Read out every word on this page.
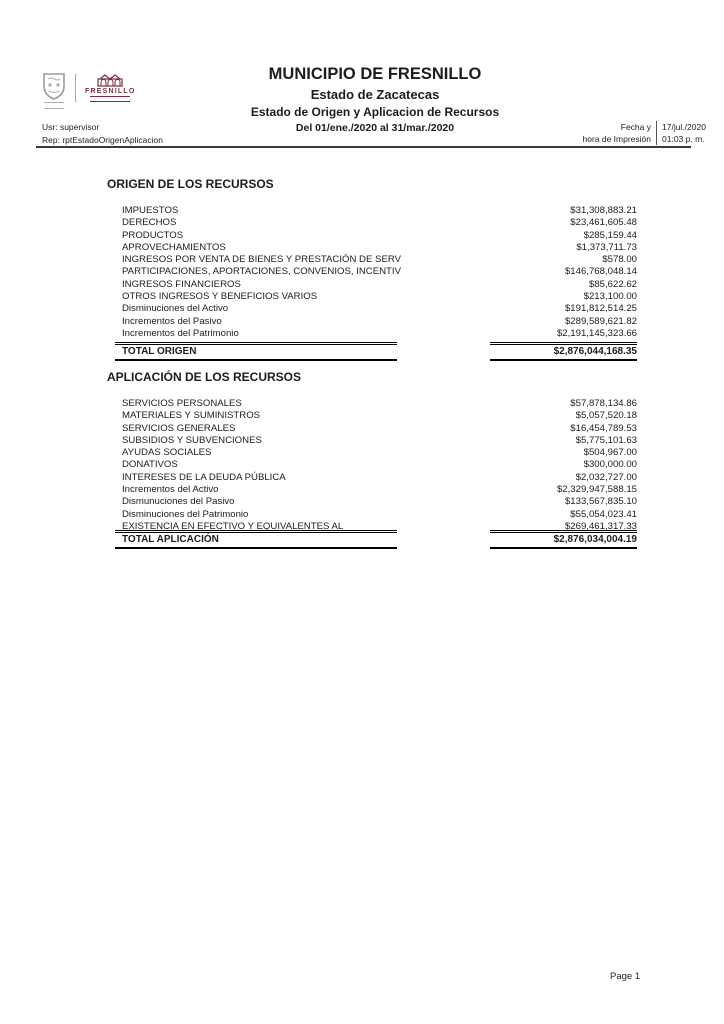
FRESNILLO
MUNICIPIO DE FRESNILLO
Estado de Zacatecas
Estado de Origen y Aplicacion de Recursos
Del 01/ene./2020 al 31/mar./2020
Usr: supervisor
Rep: rptEstadoOrigenAplicacion
Fecha y
hora de Impresión
17/jul./2020
01:03 p. m.
ORIGEN DE LOS RECURSOS
IMPUESTOS	$31,308,883.21
DERECHOS	$23,461,605.48
PRODUCTOS	$285,159.44
APROVECHAMIENTOS	$1,373,711.73
INGRESOS POR VENTA DE BIENES Y PRESTACIÓN DE SERV	$578.00
PARTICIPACIONES, APORTACIONES, CONVENIOS, INCENTIV	$146,768,048.14
INGRESOS FINANCIEROS	$85,622.62
OTROS INGRESOS Y BENEFICIOS VARIOS	$213,100.00
Disminuciones del Activo	$191,812,514.25
Incrementos del Pasivo	$289,589,621.82
Incrementos del Patrimonio	$2,191,145,323.66
TOTAL ORIGEN	$2,876,044,168.35
APLICACIÓN DE LOS RECURSOS
SERVICIOS PERSONALES	$57,878,134.86
MATERIALES Y SUMINISTROS	$5,057,520.18
SERVICIOS GENERALES	$16,454,789.53
SUBSIDIOS Y SUBVENCIONES	$5,775,101.63
AYUDAS SOCIALES	$504,967.00
DONATIVOS	$300,000.00
INTERESES DE LA DEUDA PÚBLICA	$2,032,727.00
Incrementos del Activo	$2,329,947,588.15
Dismunuciones del Pasivo	$133,567,835.10
Disminuciones del Patrimonio	$55,054,023.41
EXISTENCIA EN EFECTIVO Y EQUIVALENTES AL	$269,461,317.33
TOTAL APLICACIÓN	$2,876,034,004.19
Page 1
